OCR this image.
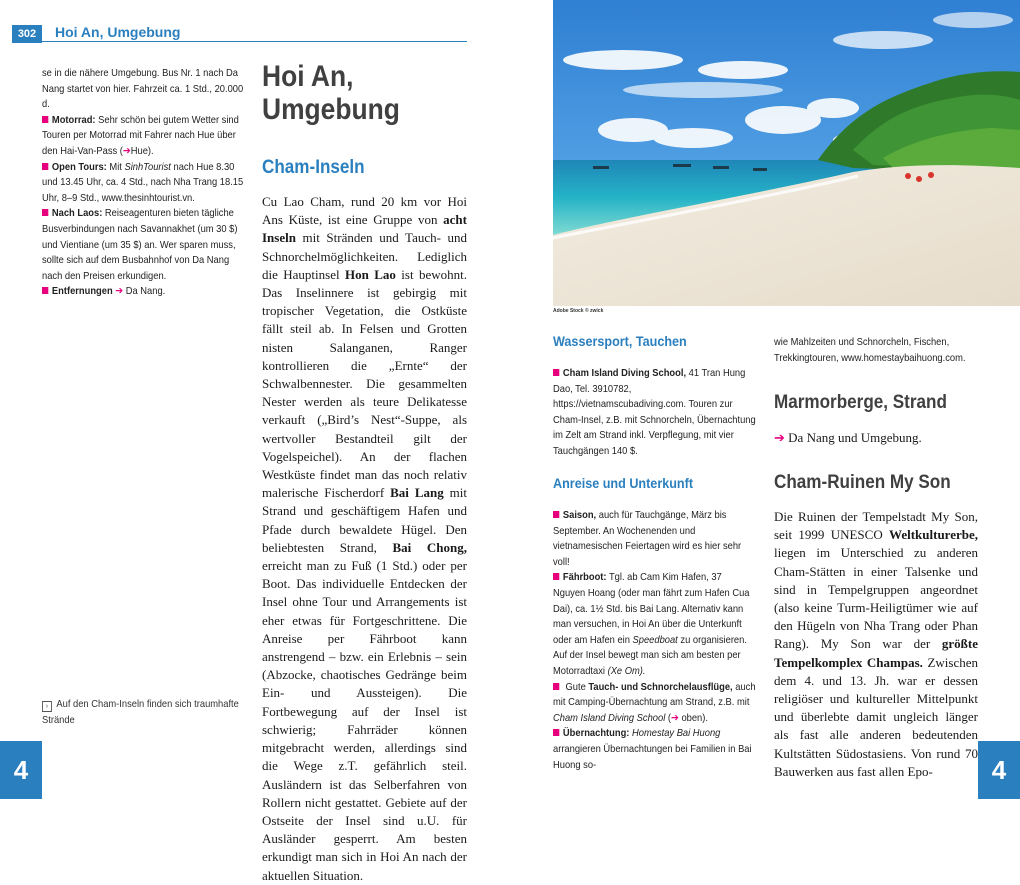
302	Hoi An, Umgebung

se in die nähere Umgebung. Bus Nr. 1 nach Da Nang startet von hier. Fahrzeit ca. 1 Std., 20.000 d.

Motorrad: Sehr schön bei gutem Wetter sind Touren per Motorrad mit Fahrer nach Hue über den Hai-Van-Pass (➔Hue).

Open Tours: Mit SinhTourist nach Hue 8.30 und 13.45 Uhr, ca. 4 Std., nach Nha Trang 18.15 Uhr, 8–9 Std., www.thesinhtourist.vn.

Nach Laos: Reiseagenturen bieten tägliche Busverbindungen nach Savannakhet (um 30 $) und Vientiane (um 35 $) an. Wer sparen muss, sollte sich auf dem Busbahnhof von Da Nang nach den Preisen erkundigen.

Entfernungen ➔ Da Nang.

› Auf den Cham-Inseln finden sich traumhafte Strände
Hoi An,
Umgebung
Cham-Inseln
Cu Lao Cham, rund 20 km vor Hoi Ans Küste, ist eine Gruppe von acht Inseln mit Stränden und Tauch- und Schnorchelmöglichkeiten. Lediglich die Hauptinsel Hon Lao ist bewohnt. Das Inselinnere ist gebirgig mit tropischer Vegetation, die Ostküste fällt steil ab. In Felsen und Grotten nisten Salanganen, Ranger kontrollieren die „Ernte“ der Schwalbennester. Die gesammelten Nester werden als teure Delikatesse verkauft („Bird’s Nest“-Suppe, als wertvoller Bestandteil gilt der Vogelspeichel). An der flachen Westküste findet man das noch relativ malerische Fischerdorf Bai Lang mit Strand und geschäftigem Hafen und Pfade durch bewaldete Hügel. Den beliebtesten Strand, Bai Chong, erreicht man zu Fuß (1 Std.) oder per Boot. Das individuelle Entdecken der Insel ohne Tour und Arrangements ist eher etwas für Fortgeschrittene. Die Anreise per Fährboot kann anstrengend – bzw. ein Erlebnis – sein (Abzocke, chaotisches Gedränge beim Ein- und Aussteigen). Die Fortbewegung auf der Insel ist schwierig; Fahrräder können mitgebracht werden, allerdings sind die Wege z.T. gefährlich steil. Ausländern ist das Selberfahren von Rollern nicht gestattet. Gebiete auf der Ostseite der Insel sind u.U. für Ausländer gesperrt. Am besten erkundigt man sich in Hoi An nach der aktuellen Situation.
4	4
Adobe Stock © zwick
Wassersport, Tauchen

Cham Island Diving School, 41 Tran Hung Dao, Tel. 3910782, https://vietnamscubadiving.com. Touren zur Cham-Insel, z.B. mit Schnorcheln, Übernachtung im Zelt am Strand inkl. Verpflegung, mit vier Tauchgängen 140 $.

Anreise und Unterkunft

Saison, auch für Tauchgänge, März bis September. An Wochenenden und vietnamesischen Feiertagen wird es hier sehr voll!

Fährboot: Tgl. ab Cam Kim Hafen, 37 Nguyen Hoang (oder man fährt zum Hafen Cua Dai), ca. 1½ Std. bis Bai Lang. Alternativ kann man versuchen, in Hoi An über die Unterkunft oder am Hafen ein Speedboat zu organisieren. Auf der Insel bewegt man sich am besten per Motorradtaxi (Xe Om).

Gute Tauch- und Schnorchelausflüge, auch mit Camping-Übernachtung am Strand, z.B. mit Cham Island Diving School (➔ oben).

Übernachtung: Homestay Bai Huong arrangieren Übernachtungen bei Familien in Bai Huong so-

wie Mahlzeiten und Schnorcheln, Fischen, Trekkingtouren, www.homestaybaihuong.com.
Marmorberge, Strand
➔ Da Nang und Umgebung.
Cham-Ruinen My Son
Die Ruinen der Tempelstadt My Son, seit 1999 UNESCO Weltkulturerbe, liegen im Unterschied zu anderen Cham-Stätten in einer Talsenke und sind in Tempelgruppen angeordnet (also keine Turm-Heiligtümer wie auf den Hügeln von Nha Trang oder Phan Rang). My Son war der größte Tempelkomplex Champas. Zwischen dem 4. und 13. Jh. war er dessen religiöser und kultureller Mittelpunkt und überlebte damit ungleich länger als fast alle anderen bedeutenden Kultstätten Südostasiens. Von rund 70 Bauwerken aus fast allen Epo-
